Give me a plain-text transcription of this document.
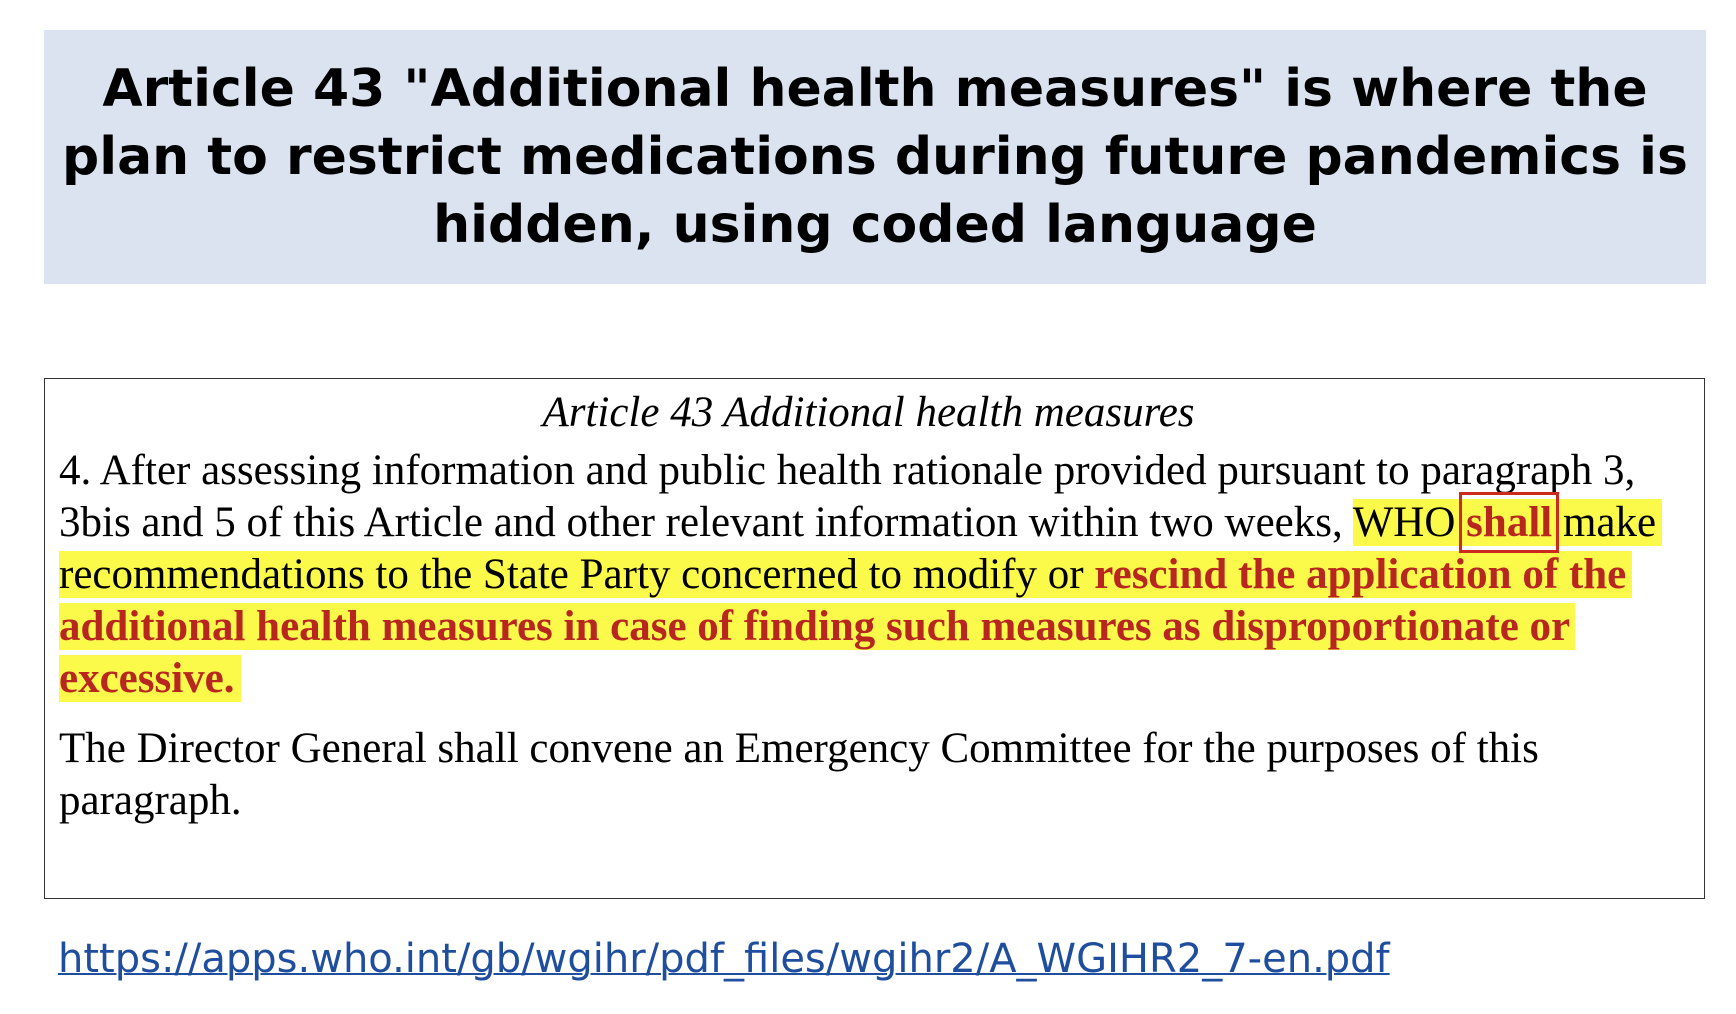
Article 43 "Additional health measures" is where the plan to restrict medications during future pandemics is hidden, using coded language

Article 43 Additional health measures

4. After assessing information and public health rationale provided pursuant to paragraph 3, 3bis and 5 of this Article and other relevant information within two weeks, WHO shall make recommendations to the State Party concerned to modify or rescind the application of the additional health measures in case of finding such measures as disproportionate or excessive.

The Director General shall convene an Emergency Committee for the purposes of this paragraph.

https://apps.who.int/gb/wgihr/pdf_files/wgihr2/A_WGIHR2_7-en.pdf
